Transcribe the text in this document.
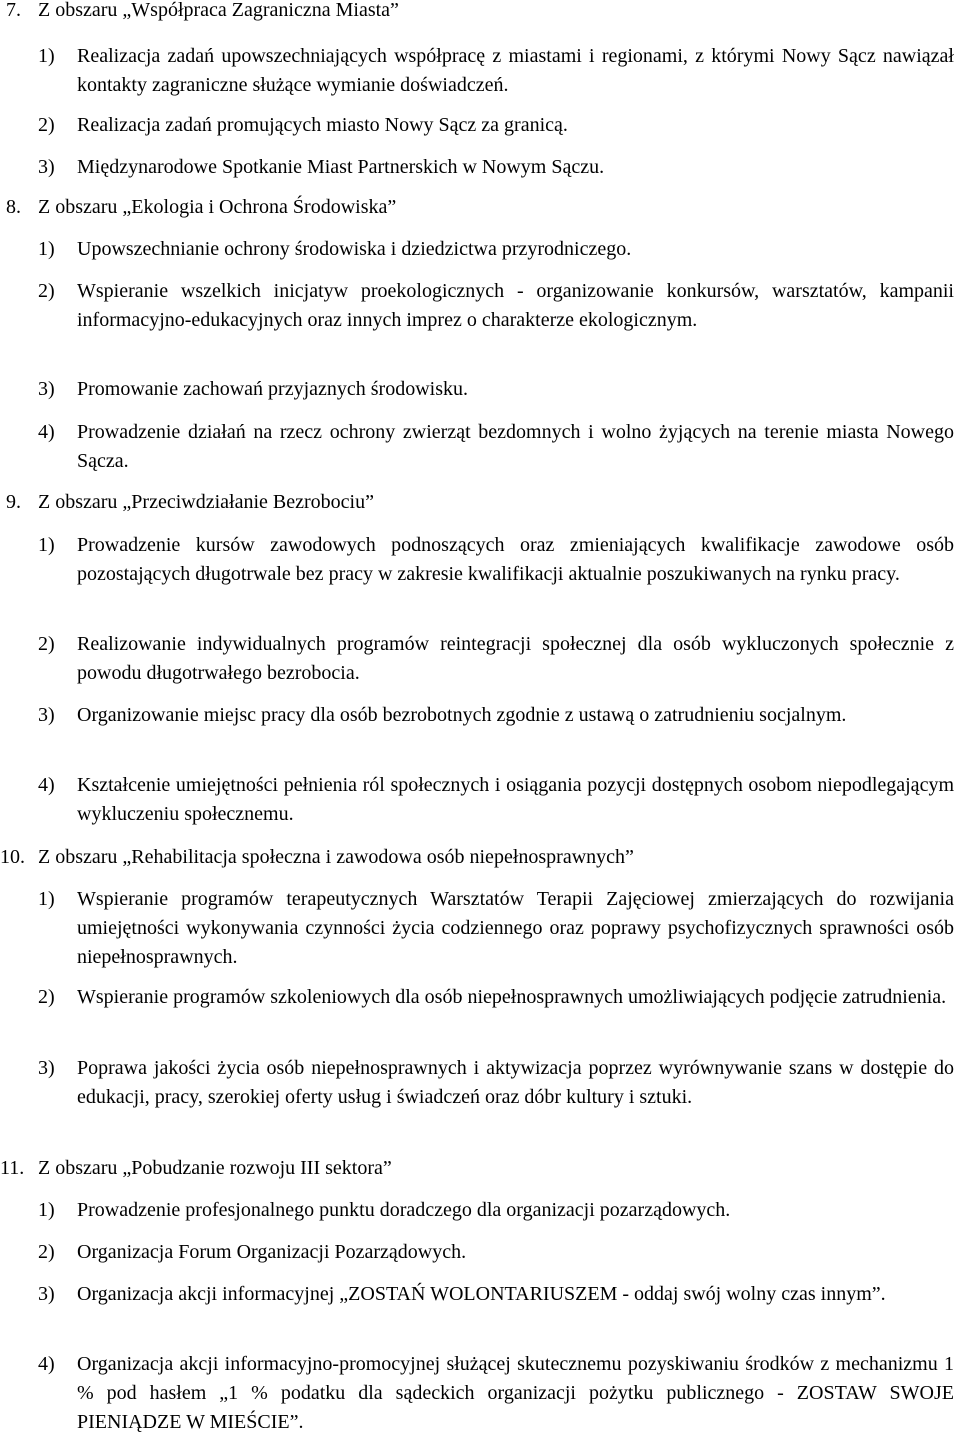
7. Z obszaru „Współpraca Zagraniczna Miasta”
1)	Realizacja zadań upowszechniających współpracę z miastami i regionami, z którymi Nowy Sącz nawiązał kontakty zagraniczne służące wymianie doświadczeń.
2)	Realizacja zadań promujących miasto Nowy Sącz za granicą.
3)	Międzynarodowe Spotkanie Miast Partnerskich w Nowym Sączu.
8. Z obszaru „Ekologia i Ochrona Środowiska”
1)	Upowszechnianie ochrony środowiska i dziedzictwa przyrodniczego.
2)	Wspieranie wszelkich inicjatyw proekologicznych - organizowanie konkursów, warsztatów, kampanii informacyjno-edukacyjnych oraz innych imprez o charakterze ekologicznym.
3)	Promowanie zachowań przyjaznych środowisku.
4)	Prowadzenie działań na rzecz ochrony zwierząt bezdomnych i wolno żyjących na terenie miasta Nowego Sącza.
9. Z obszaru „Przeciwdziałanie Bezrobociu”
1)	Prowadzenie kursów zawodowych podnoszących oraz zmieniających kwalifikacje zawodowe osób pozostających długotrwale bez pracy w zakresie kwalifikacji aktualnie poszukiwanych na rynku pracy.
2)	Realizowanie indywidualnych programów reintegracji społecznej dla osób wykluczonych społecznie z powodu długotrwałego bezrobocia.
3)	Organizowanie miejsc pracy dla osób bezrobotnych zgodnie z ustawą o zatrudnieniu socjalnym.
4)	Kształcenie umiejętności pełnienia ról społecznych i osiągania pozycji dostępnych osobom niepodlegającym wykluczeniu społecznemu.
10. Z obszaru „Rehabilitacja społeczna i zawodowa osób niepełnosprawnych”
1)	Wspieranie programów terapeutycznych Warsztatów Terapii Zajęciowej zmierzających do rozwijania umiejętności wykonywania czynności życia codziennego oraz poprawy psychofizycznych sprawności osób niepełnosprawnych.
2)	Wspieranie programów szkoleniowych dla osób niepełnosprawnych umożliwiających podjęcie zatrudnienia.
3)	Poprawa jakości życia osób niepełnosprawnych i aktywizacja poprzez wyrównywanie szans w dostępie do edukacji, pracy, szerokiej oferty usług i świadczeń oraz dóbr kultury i sztuki.
11. Z obszaru „Pobudzanie rozwoju III sektora”
1)	Prowadzenie profesjonalnego punktu doradczego dla organizacji pozarządowych.
2)	Organizacja Forum Organizacji Pozarządowych.
3)	Organizacja akcji informacyjnej „ZOSTAŃ WOLONTARIUSZEM - oddaj swój wolny czas innym”.
4)	Organizacja akcji informacyjno-promocyjnej służącej skutecznemu pozyskiwaniu środków z mechanizmu 1 % pod hasłem „1 % podatku dla sądeckich organizacji pożytku publicznego - ZOSTAW SWOJE PIENIĄDZE W MIEŚCIE”.
